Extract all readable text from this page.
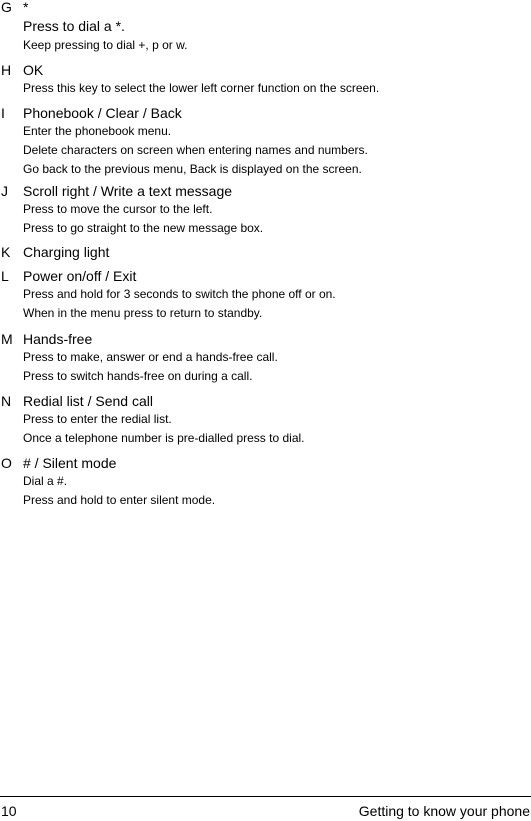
G *
Press to dial a *.
Keep pressing to dial +, p or w.
H OK
Press this key to select the lower left corner function on the screen.
I Phonebook / Clear / Back
Enter the phonebook menu.
Delete characters on screen when entering names and numbers.
Go back to the previous menu, Back is displayed on the screen.
J Scroll right / Write a text message
Press to move the cursor to the left.
Press to go straight to the new message box.
K Charging light
L Power on/off / Exit
Press and hold for 3 seconds to switch the phone off or on.
When in the menu press to return to standby.
M Hands-free
Press to make, answer or end a hands-free call.
Press to switch hands-free on during a call.
N Redial list / Send call
Press to enter the redial list.
Once a telephone number is pre-dialled press to dial.
O # / Silent mode
Dial a #.
Press and hold to enter silent mode.
10	Getting to know your phone
